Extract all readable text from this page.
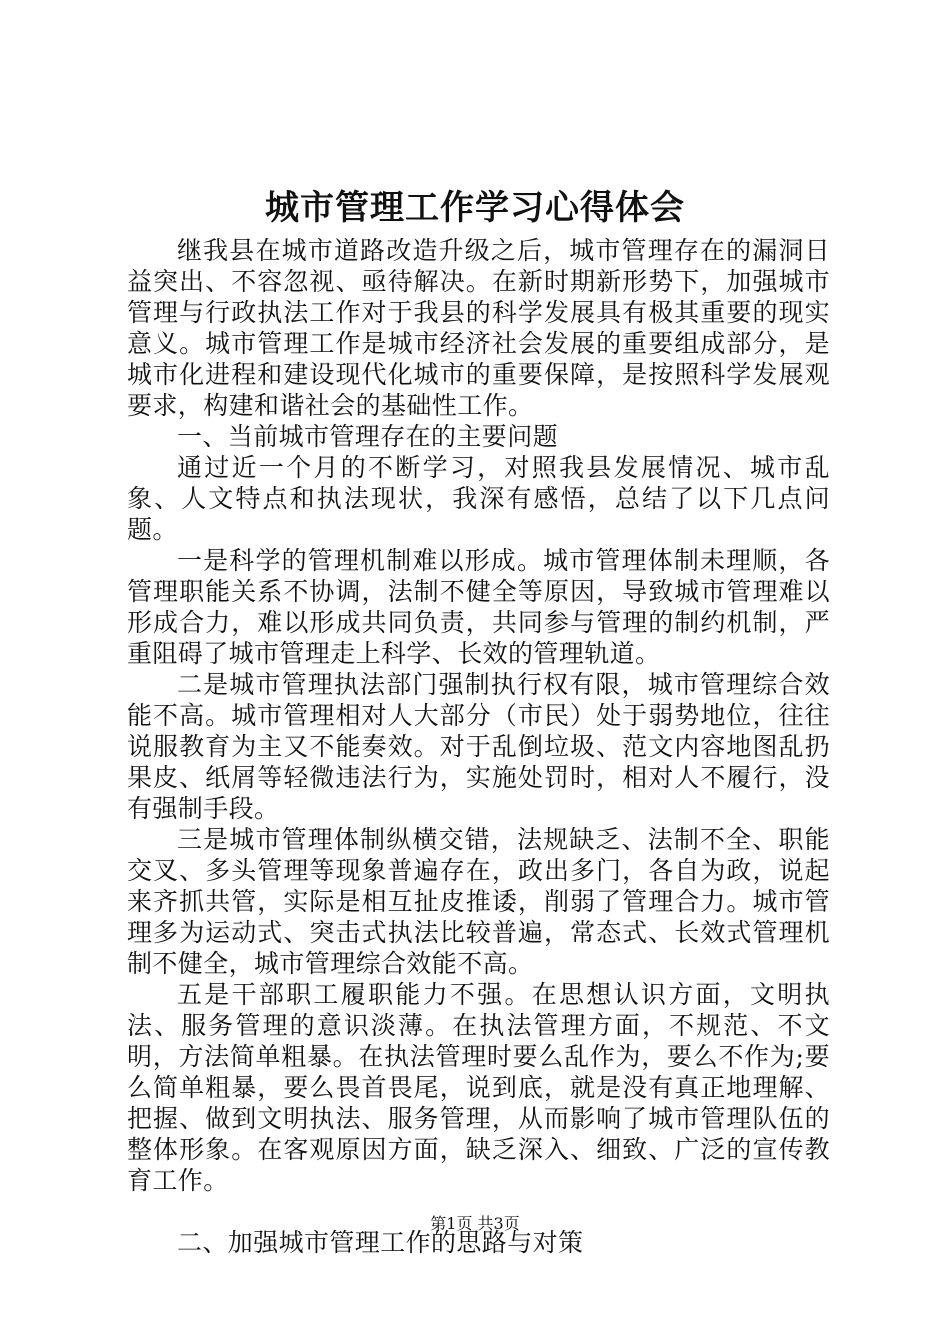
城市管理工作学习心得体会

继我县在城市道路改造升级之后，城市管理存在的漏洞日益突出、不容忽视、亟待解决。在新时期新形势下，加强城市管理与行政执法工作对于我县的科学发展具有极其重要的现实意义。城市管理工作是城市经济社会发展的重要组成部分，是城市化进程和建设现代化城市的重要保障，是按照科学发展观要求，构建和谐社会的基础性工作。

一、当前城市管理存在的主要问题

通过近一个月的不断学习，对照我县发展情况、城市乱象、人文特点和执法现状，我深有感悟，总结了以下几点问题。

一是科学的管理机制难以形成。城市管理体制未理顺，各管理职能关系不协调，法制不健全等原因，导致城市管理难以形成合力，难以形成共同负责，共同参与管理的制约机制，严重阻碍了城市管理走上科学、长效的管理轨道。

二是城市管理执法部门强制执行权有限，城市管理综合效能不高。城市管理相对人大部分（市民）处于弱势地位，往往说服教育为主又不能奏效。对于乱倒垃圾、范文内容地图乱扔果皮、纸屑等轻微违法行为，实施处罚时，相对人不履行，没有强制手段。

三是城市管理体制纵横交错，法规缺乏、法制不全、职能交叉、多头管理等现象普遍存在，政出多门，各自为政，说起来齐抓共管，实际是相互扯皮推诿，削弱了管理合力。城市管理多为运动式、突击式执法比较普遍，常态式、长效式管理机制不健全，城市管理综合效能不高。

五是干部职工履职能力不强。在思想认识方面，文明执法、服务管理的意识淡薄。在执法管理方面，不规范、不文明，方法简单粗暴。在执法管理时要么乱作为，要么不作为;要么简单粗暴，要么畏首畏尾，说到底，就是没有真正地理解、把握、做到文明执法、服务管理，从而影响了城市管理队伍的整体形象。在客观原因方面，缺乏深入、细致、广泛的宣传教育工作。

二、加强城市管理工作的思路与对策

第1页 共3页
